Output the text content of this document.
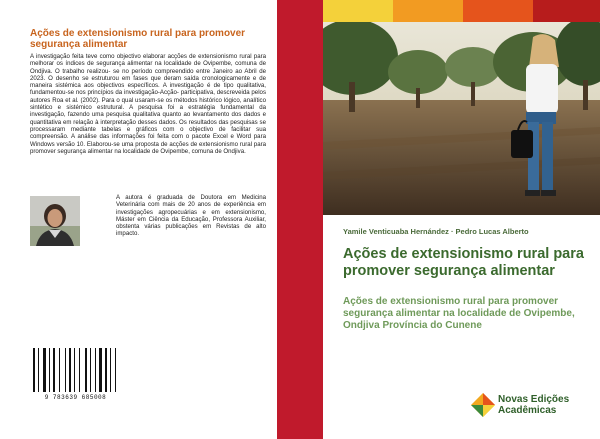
Ações de extensionismo rural para promover segurança alimentar
A investigação feita teve como objectivo elaborar acções de extensionismo rural para melhorar os índices de segurança alimentar na localidade de Ovipembe, comuna de Ondjiva. O trabalho realizou- se no período compreendido entre Janeiro ao Abril de 2023. O desenho se estruturou em fases que deram saída cronologicamente e de maneira sistémica aos objectivos específicos. A investigação é de tipo qualitativa, fundamentou-se nos princípios da investigação-Acção- participativa, descreveida pelos autores Roa et al. (2002). Para o qual usaram-se os métodos histórico lógico, analítico sintético e sistémico estrutural. A pesquisa foi a estratégia fundamental da investigação, fazendo uma pesquisa qualitativa quanto ao levantamento dos dados e quantitativa em relação à interpretação desses dados. Os resultados das pesquisas se processaram mediante tabelas e gráficos com o objectivo de facilitar sua compreensão. A análise das informações foi feita com o pacote Excel e Word para Windows versão 10. Elaborou-se uma proposta de acções de extensionismo rural para promover segurança alimentar na localidade de Ovipembe, comuna de Ondjiva.
A autora é graduada de Doutora em Medicina Veterinária com mais de 20 anos de experiência em investigações agropecuárias e em extensionismo, Máster em Ciência da Educação, Professora Auxiliar, obstenta várias publicações em Revistas de alto impacto.
9 783639 685008
Yamile Venticuaba Hernández · Pedro Lucas Alberto
Ações de extensionismo rural para promover segurança alimentar
Ações de extensionismo rural para promover segurança alimentar na localidade de Ovipembe, Ondjiva Província do Cunene
Novas Edições
Acadêmicas
